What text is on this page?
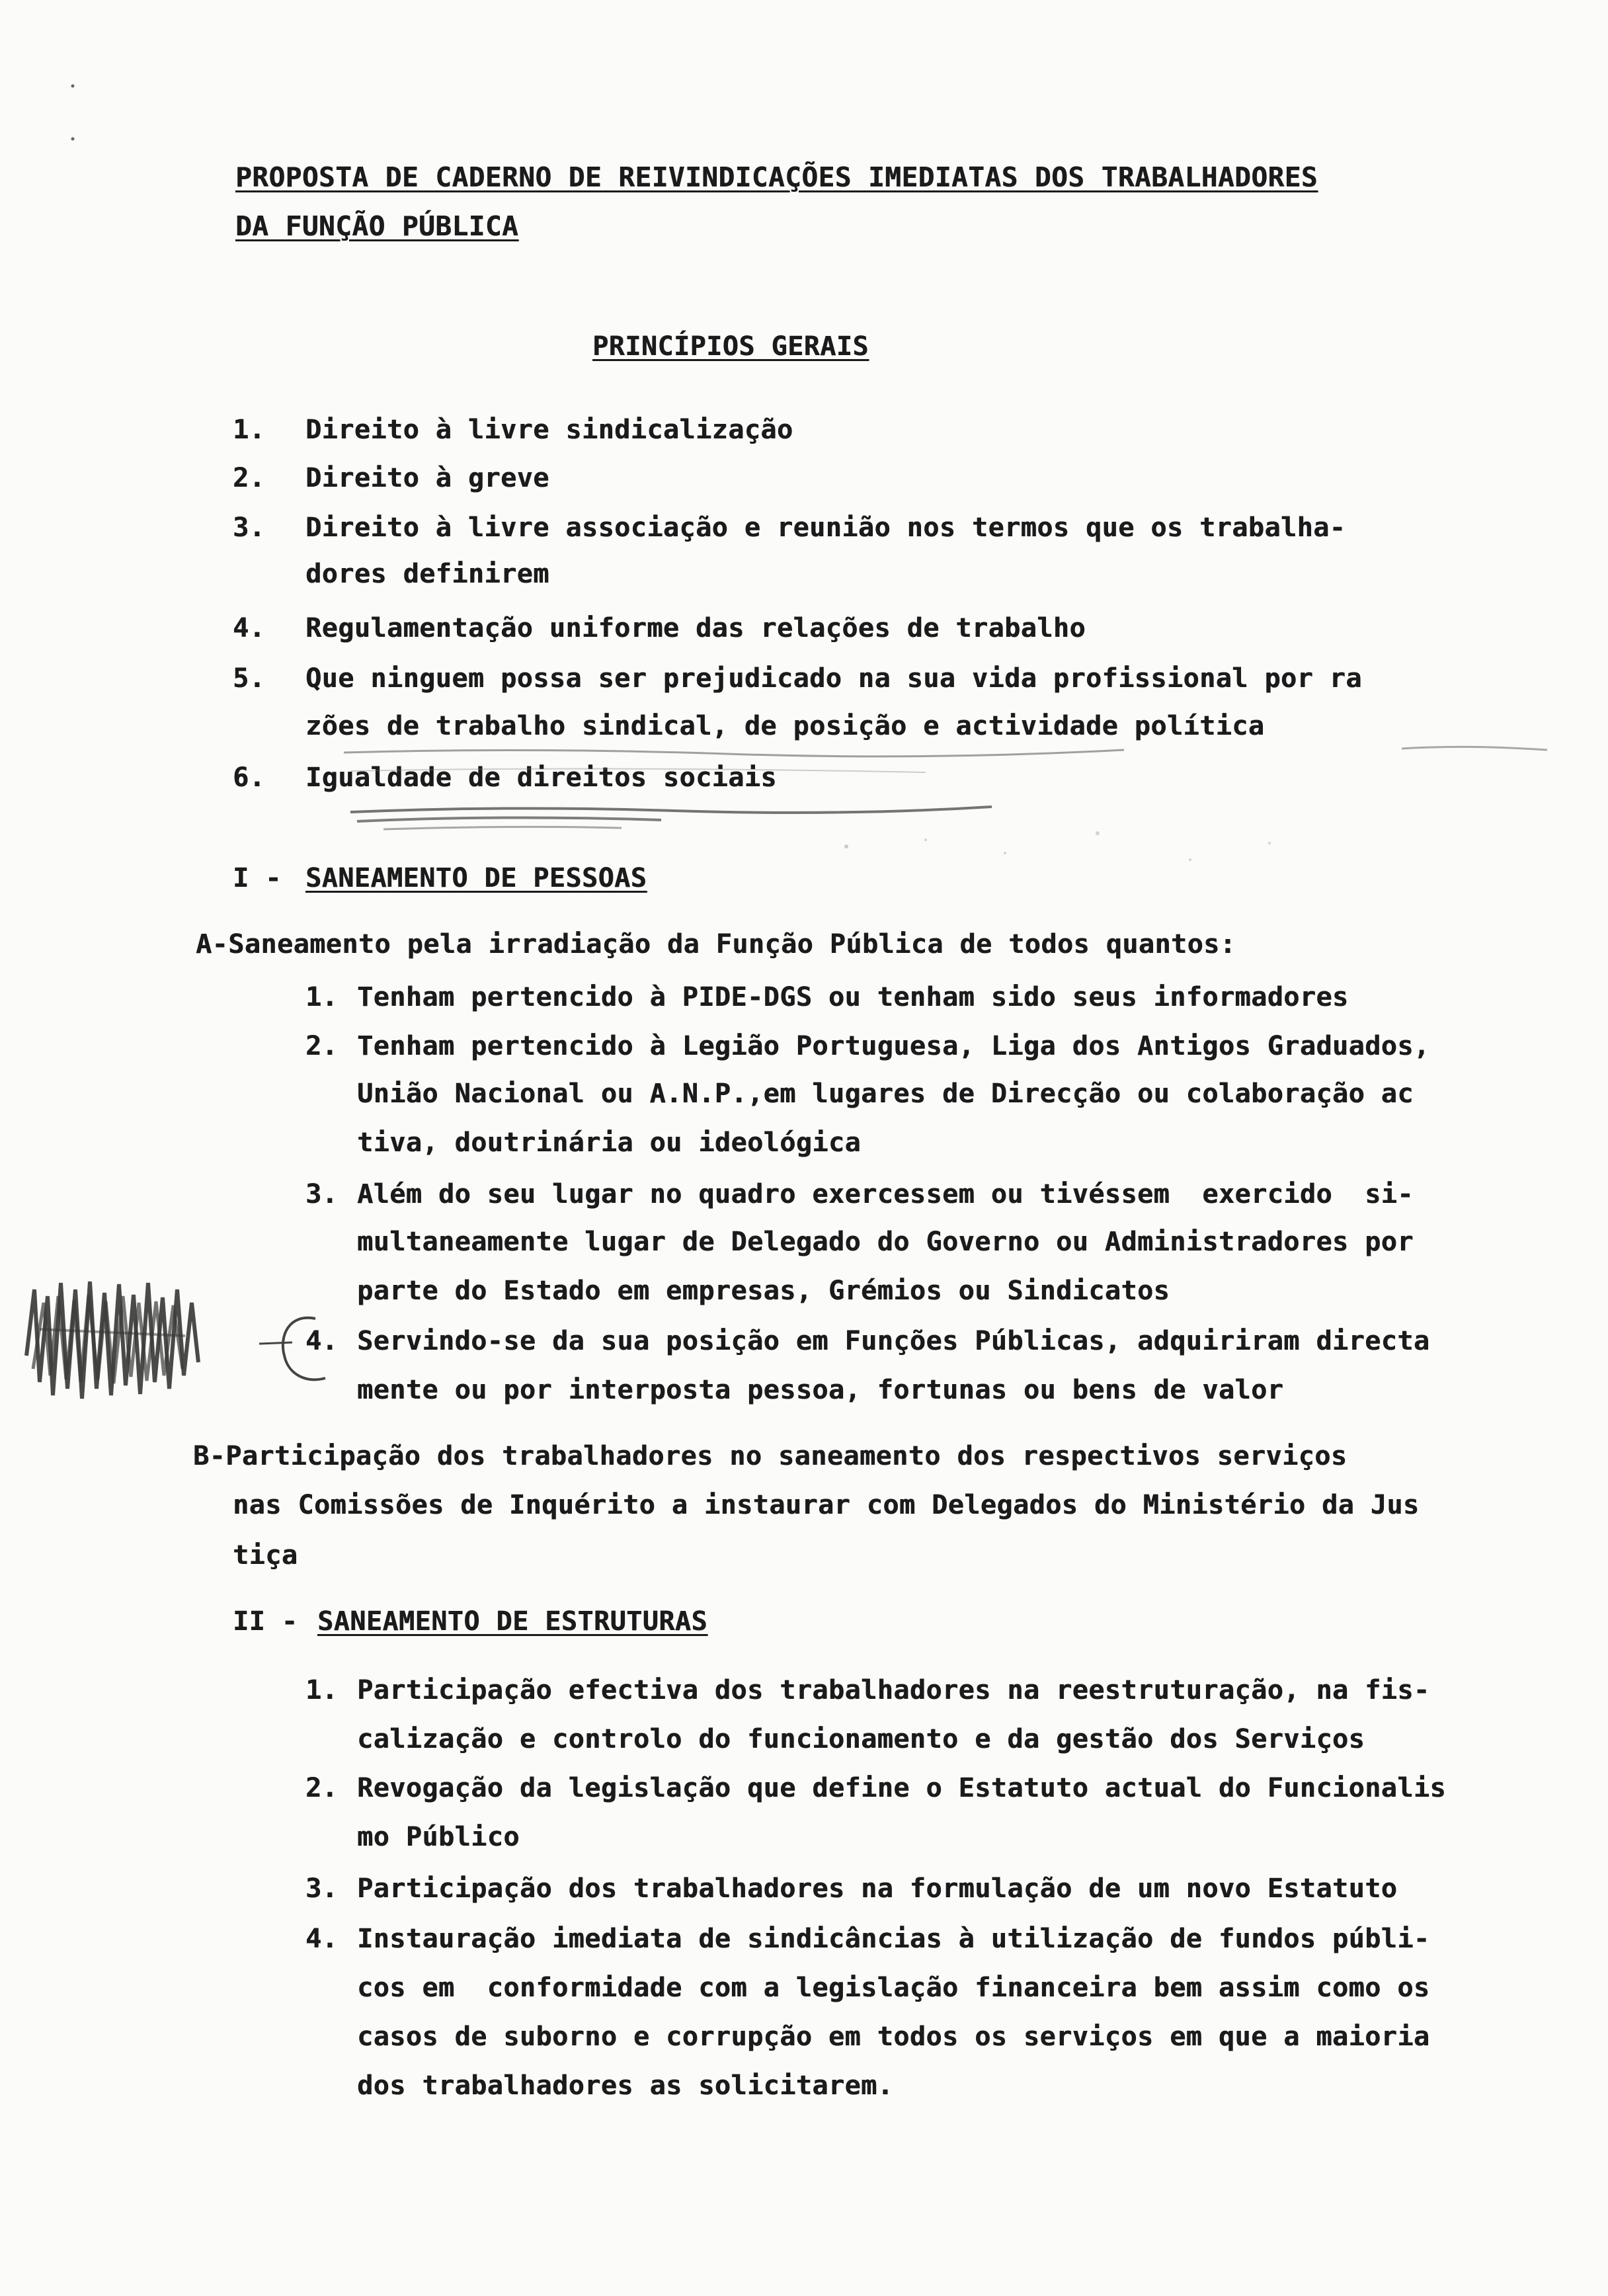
PROPOSTA DE CADERNO DE REIVINDICAÇÕES IMEDIATAS DOS TRABALHADORES
DA FUNÇÃO PÚBLICA
PRINCÍPIOS GERAIS
1. Direito à livre sindicalização
2. Direito à greve
3. Direito à livre associação e reunião nos termos que os trabalha-
dores definirem
4. Regulamentação uniforme das relações de trabalho
5. Que ninguem possa ser prejudicado na sua vida profissional por ra
zões de trabalho sindical, de posição e actividade política
6. Igualdade de direitos sociais
I - SANEAMENTO DE PESSOAS
A-Saneamento pela irradiação da Função Pública de todos quantos:
1. Tenham pertencido à PIDE-DGS ou tenham sido seus informadores
2. Tenham pertencido à Legião Portuguesa, Liga dos Antigos Graduados,
União Nacional ou A.N.P.,em lugares de Direcção ou colaboração ac
tiva, doutrinária ou ideológica
3. Além do seu lugar no quadro exercessem ou tivéssem  exercido  si-
multaneamente lugar de Delegado do Governo ou Administradores por
parte do Estado em empresas, Grémios ou Sindicatos
4. Servindo-se da sua posição em Funções Públicas, adquiriram directa
mente ou por interposta pessoa, fortunas ou bens de valor
B-Participação dos trabalhadores no saneamento dos respectivos serviços
nas Comissões de Inquérito a instaurar com Delegados do Ministério da Jus
tiça
II - SANEAMENTO DE ESTRUTURAS
1. Participação efectiva dos trabalhadores na reestruturação, na fis-
calização e controlo do funcionamento e da gestão dos Serviços
2. Revogação da legislação que define o Estatuto actual do Funcionalis
mo Público
3. Participação dos trabalhadores na formulação de um novo Estatuto
4. Instauração imediata de sindicâncias à utilização de fundos públi-
cos em  conformidade com a legislação financeira bem assim como os
casos de suborno e corrupção em todos os serviços em que a maioria
dos trabalhadores as solicitarem.
